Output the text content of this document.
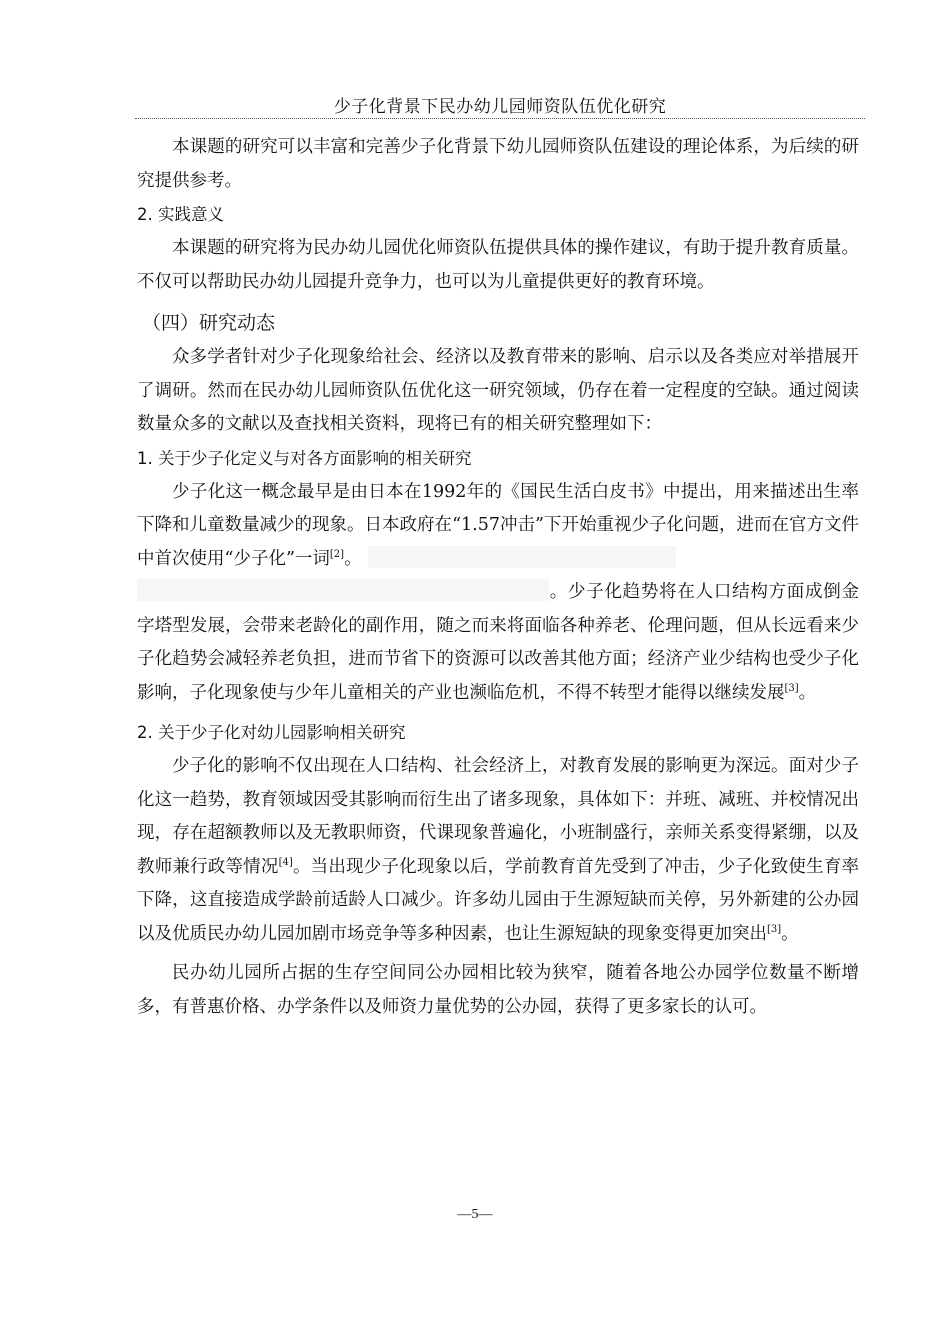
少子化背景下民办幼儿园师资队伍优化研究

本课题的研究可以丰富和完善少子化背景下幼儿园师资队伍建设的理论体系，为后续的研究提供参考。

2. 实践意义

本课题的研究将为民办幼儿园优化师资队伍提供具体的操作建议，有助于提升教育质量。不仅可以帮助民办幼儿园提升竞争力，也可以为儿童提供更好的教育环境。

（四）研究动态

众多学者针对少子化现象给社会、经济以及教育带来的影响、启示以及各类应对举措展开了调研。然而在民办幼儿园师资队伍优化这一研究领域，仍存在着一定程度的空缺。通过阅读数量众多的文献以及查找相关资料，现将已有的相关研究整理如下：

1. 关于少子化定义与对各方面影响的相关研究

少子化这一概念最早是由日本在1992年的《国民生活白皮书》中提出，用来描述出生率下降和儿童数量减少的现象。日本政府在“1.57冲击”下开始重视少子化问题，进而在官方文件中首次使用“少子化”一词[2]。

。少子化趋势将在人口结构方面成倒金字塔型发展，会带来老龄化的副作用，随之而来将面临各种养老、伦理问题，但从长远看来少子化趋势会减轻养老负担，进而节省下的资源可以改善其他方面；经济产业少结构也受少子化影响，子化现象使与少年儿童相关的产业也濒临危机，不得不转型才能得以继续发展[3]。

2. 关于少子化对幼儿园影响相关研究

少子化的影响不仅出现在人口结构、社会经济上，对教育发展的影响更为深远。面对少子化这一趋势，教育领域因受其影响而衍生出了诸多现象，具体如下：并班、减班、并校情况出现，存在超额教师以及无教职师资，代课现象普遍化，小班制盛行，亲师关系变得紧绷，以及教师兼行政等情况[4]。当出现少子化现象以后，学前教育首先受到了冲击，少子化致使生育率下降，这直接造成学龄前适龄人口减少。许多幼儿园由于生源短缺而关停，另外新建的公办园以及优质民办幼儿园加剧市场竞争等多种因素，也让生源短缺的现象变得更加突出[3]。

民办幼儿园所占据的生存空间同公办园相比较为狭窄，随着各地公办园学位数量不断增多，有普惠价格、办学条件以及师资力量优势的公办园，获得了更多家长的认可。

—5—
